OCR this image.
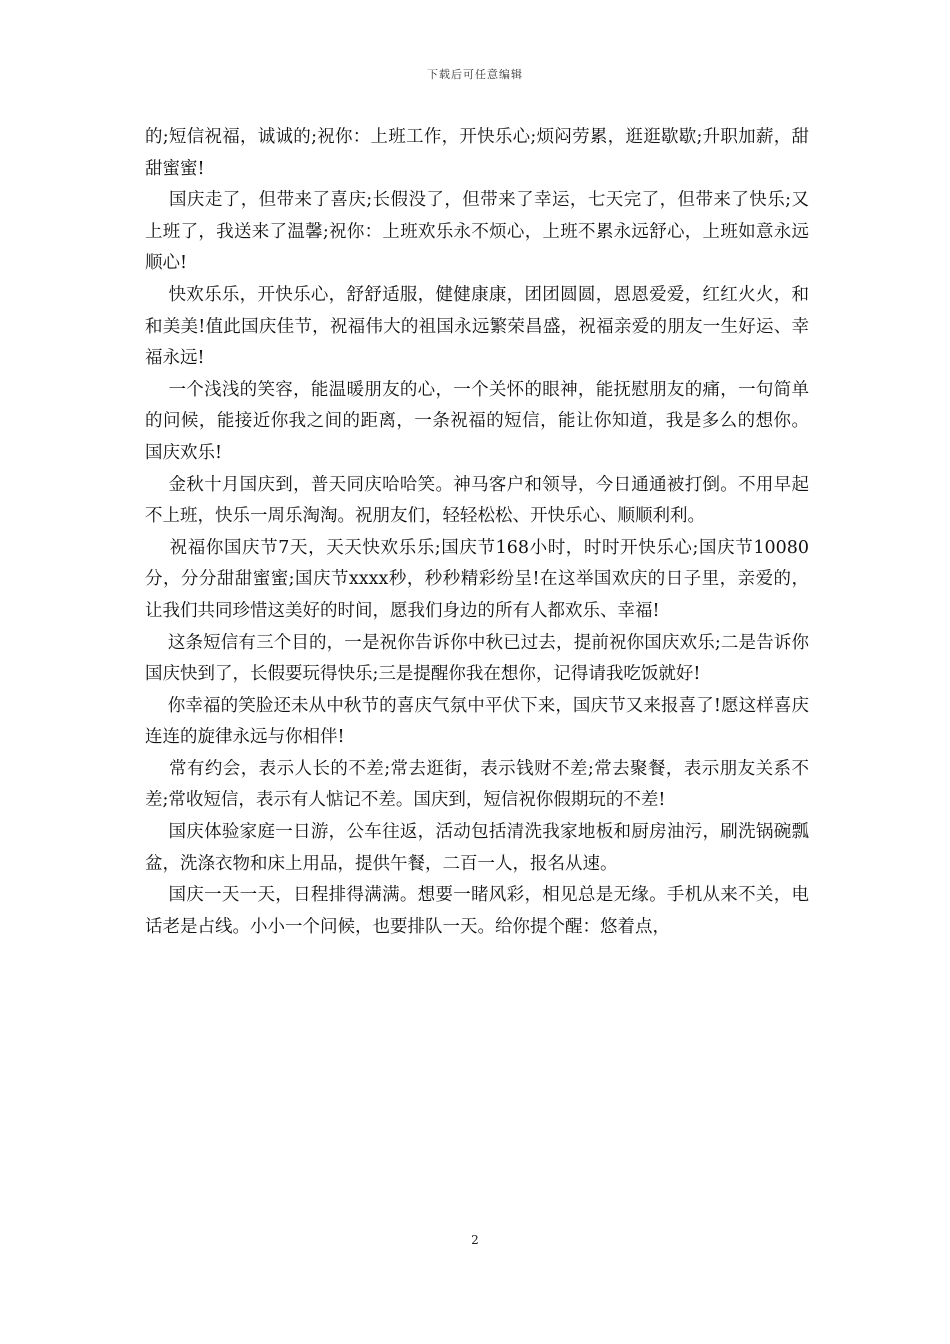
下载后可任意编辑

的;短信祝福，诚诚的;祝你：上班工作，开快乐心;烦闷劳累，逛逛歇歇;升职加薪，甜甜蜜蜜!

国庆走了，但带来了喜庆;长假没了，但带来了幸运，七天完了，但带来了快乐;又上班了，我送来了温馨;祝你：上班欢乐永不烦心，上班不累永远舒心，上班如意永远顺心!

快欢乐乐，开快乐心，舒舒适服，健健康康，团团圆圆，恩恩爱爱，红红火火，和和美美!值此国庆佳节，祝福伟大的祖国永远繁荣昌盛，祝福亲爱的朋友一生好运、幸福永远!

一个浅浅的笑容，能温暖朋友的心，一个关怀的眼神，能抚慰朋友的痛，一句简单的问候，能接近你我之间的距离，一条祝福的短信，能让你知道，我是多么的想你。国庆欢乐!

金秋十月国庆到，普天同庆哈哈笑。神马客户和领导，今日通通被打倒。不用早起不上班，快乐一周乐淘淘。祝朋友们，轻轻松松、开快乐心、顺顺利利。

祝福你国庆节7天，天天快欢乐乐;国庆节168小时，时时开快乐心;国庆节10080分，分分甜甜蜜蜜;国庆节xxxx秒，秒秒精彩纷呈!在这举国欢庆的日子里，亲爱的，让我们共同珍惜这美好的时间，愿我们身边的所有人都欢乐、幸福!

这条短信有三个目的，一是祝你告诉你中秋已过去，提前祝你国庆欢乐;二是告诉你国庆快到了，长假要玩得快乐;三是提醒你我在想你，记得请我吃饭就好!

你幸福的笑脸还未从中秋节的喜庆气氛中平伏下来，国庆节又来报喜了!愿这样喜庆连连的旋律永远与你相伴!

常有约会，表示人长的不差;常去逛街，表示钱财不差;常去聚餐，表示朋友关系不差;常收短信，表示有人惦记不差。国庆到，短信祝你假期玩的不差!

国庆体验家庭一日游，公车往返，活动包括清洗我家地板和厨房油污，刷洗锅碗瓢盆，洗涤衣物和床上用品，提供午餐，二百一人，报名从速。

国庆一天一天，日程排得满满。想要一睹风彩，相见总是无缘。手机从来不关，电话老是占线。小小一个问候，也要排队一天。给你提个醒：悠着点，

2
